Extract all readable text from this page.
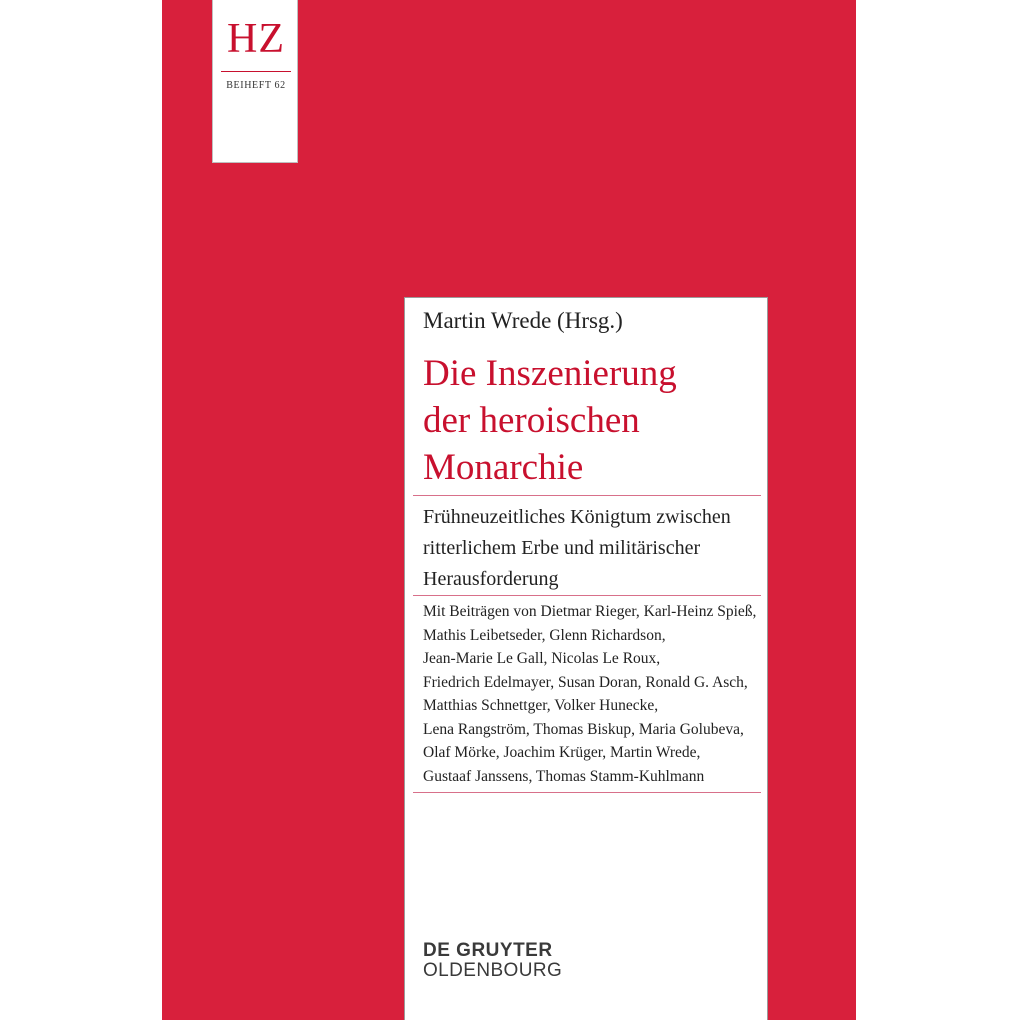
HZ
BEIHEFT 62
Martin Wrede (Hrsg.)
Die Inszenierung
der heroischen
Monarchie
Frühneuzeitliches Königtum zwischen
ritterlichem Erbe und militärischer
Herausforderung
Mit Beiträgen von Dietmar Rieger, Karl-Heinz Spieß,
Mathis Leibetseder, Glenn Richardson,
Jean-Marie Le Gall, Nicolas Le Roux,
Friedrich Edelmayer, Susan Doran, Ronald G. Asch,
Matthias Schnettger, Volker Hunecke,
Lena Rangström, Thomas Biskup, Maria Golubeva,
Olaf Mörke, Joachim Krüger, Martin Wrede,
Gustaaf Janssens, Thomas Stamm-Kuhlmann
DE GRUYTER
OLDENBOURG
